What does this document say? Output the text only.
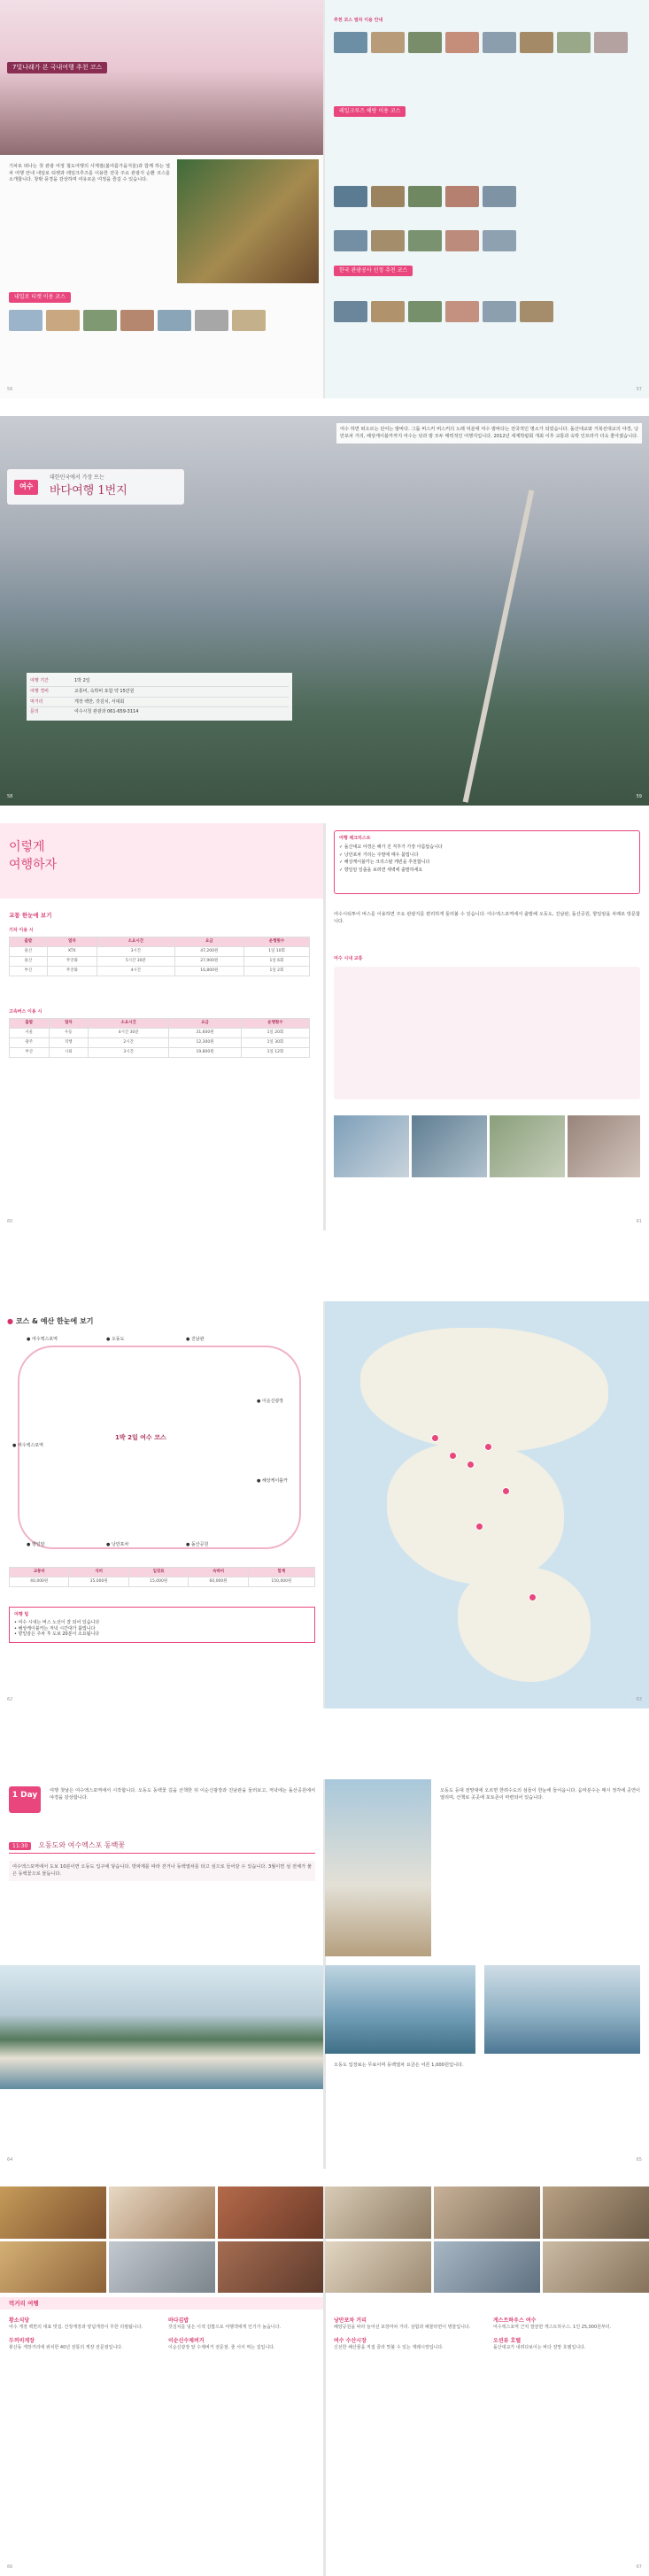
7빛나래가 본 국내여행 추천 코스
기차로 떠나는 첫 관광 여정 철도여행의 사계절(봄여름가을겨울)과 함께 하는 열차 여행 안내 내일로 티켓과 레일크루즈를 이용한 전국 주요 관광지 순환 코스를 소개합니다. 창밖 풍경을 감상하며 여유로운 여정을 즐길 수 있습니다.
내일로 티켓 이용 코스
56
추천 코스 열차 이용 안내
레일크루즈 해랑 이용 코스
한국 관광공사 선정 추천 코스
57
여수
대한민국에서 가장 뜨는
바다여행 1번지
여행 기간	1박 2일
여행 경비	교통비, 숙박비 포함 약 15만원
먹거리	게장 백반, 갓김치, 서대회
문의	여수시청 관광과 061-659-3114
여수 하면 떠오르는 단어는 밤바다. 그룹 버스커 버스커의 노래 덕분에 여수 밤바다는 전국적인 명소가 되었습니다. 돌산대교와 거북선대교의 야경, 낭만포차 거리, 해상케이블카까지 여수는 낮과 밤 모두 매력적인 여행지입니다. 2012년 세계박람회 개최 이후 교통과 숙박 인프라가 더욱 좋아졌습니다.
58	59
이렇게
여행하자
교통 한눈에 보기
기차 이용 시
출발	열차	소요시간	요금	운행횟수
용산	KTX	3시간	47,200원	1일 10회
용산	무궁화	5시간 30분	27,900원	1일 6회
부산	무궁화	4시간	16,800원	1일 2회
고속버스 이용 시
출발	열차	소요시간	요금	운행횟수
서울	우등	4시간 30분	31,600원	1일 20회
광주	직행	2시간	12,300원	1일 30회
부산	시외	3시간	19,800원	1일 12회
60
여행 체크리스트
✓ 돌산대교 야경은 해가 진 직후가 가장 아름답습니다
✓ 낭만포차 거리는 주말에 매우 붐빕니다
✓ 해상케이블카는 크리스탈 캐빈을 추천합니다
✓ 향일암 일출을 보려면 새벽에 출발하세요
여수시티투어 버스를 이용하면 주요 관광지를 편리하게 둘러볼 수 있습니다. 여수엑스포역에서 출발해 오동도, 진남관, 돌산공원, 향일암을 차례로 방문합니다.
여수 시내 교통
61
● 코스 & 예산 한눈에 보기
1박 2일 여수 코스
● 여수엑스포역	● 오동도	● 진남관
● 이순신광장
● 해상케이블카
● 돌산공원
● 낭만포차
● 향일암
● 여수엑스포역
교통비	식비	입장료	숙박비	합계
40,000원	35,000원	15,000원	60,000원	150,000원
여행 팁
• 여수 시내는 버스 노선이 잘 되어 있습니다
• 해상케이블카는 저녁 시간대가 붐빕니다
• 향일암은 주차 후 도보 20분이 소요됩니다
62	63
1 Day	여행 첫날은 여수엑스포역에서 시작합니다. 오동도 동백꽃 길을 산책한 뒤 이순신광장과 진남관을 둘러보고, 저녁에는 돌산공원에서 야경을 감상합니다.
11:30 오동도와 여수엑스포 동백꽃
여수엑스포역에서 도보 10분이면 오동도 입구에 닿습니다. 방파제를 따라 걷거나 동백열차를 타고 섬으로 들어갈 수 있습니다. 3월이면 섬 전체가 붉은 동백꽃으로 물듭니다.
64
오동도 등대 전망대에 오르면 한려수도의 섬들이 한눈에 들어옵니다. 음악분수는 매시 정각에 공연이 열리며, 산책로 곳곳에 포토존이 마련되어 있습니다.
오동도 입장료는 무료이며 동백열차 요금은 어른 1,000원입니다.
65
먹거리 여행
황소식당
여수 게장 백반의 대표 맛집. 간장게장과 양념게장이 무한 리필됩니다.
두꺼비게장
봉산동 게장거리에 위치한 40년 전통의 게장 전문점입니다.
바다김밥
갓김치를 넣은 이색 김밥으로 여행객에게 인기가 높습니다.
이순신수제버거
이순신광장 앞 수제버거 전문점. 줄 서서 먹는 집입니다.
66
낭만포차 거리
해양공원을 따라 늘어선 포장마차 거리. 삼합과 해물라면이 명물입니다.
여수 수산시장
신선한 해산물을 직접 골라 맛볼 수 있는 재래시장입니다.
게스트하우스 여수
여수엑스포역 근처 깔끔한 게스트하우스. 1인 25,000원부터.
오션뷰 호텔
돌산대교가 내려다보이는 바다 전망 호텔입니다.
67
